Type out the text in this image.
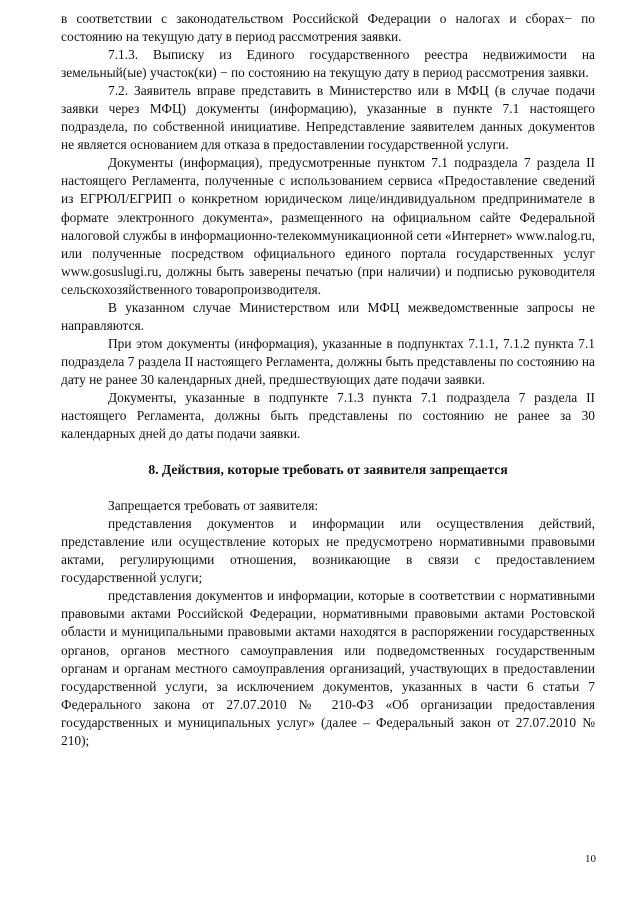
в соответствии с законодательством Российской Федерации о налогах и сборах− по состоянию на текущую дату в период рассмотрения заявки.

7.1.3. Выписку из Единого государственного реестра недвижимости на земельный(ые) участок(ки) − по состоянию на текущую дату в период рассмотрения заявки.

7.2. Заявитель вправе представить в Министерство или в МФЦ (в случае подачи заявки через МФЦ) документы (информацию), указанные в пункте 7.1 настоящего подраздела, по собственной инициативе. Непредставление заявителем данных документов не является основанием для отказа в предоставлении государственной услуги.

Документы (информация), предусмотренные пунктом 7.1 подраздела 7 раздела II настоящего Регламента, полученные с использованием сервиса «Предоставление сведений из ЕГРЮЛ/ЕГРИП о конкретном юридическом лице/индивидуальном предпринимателе в формате электронного документа», размещенного на официальном сайте Федеральной налоговой службы в информационно-телекоммуникационной сети «Интернет» www.nalog.ru, или полученные посредством официального единого портала государственных услуг www.gosuslugi.ru, должны быть заверены печатью (при наличии) и подписью руководителя сельскохозяйственного товаропроизводителя.

В указанном случае Министерством или МФЦ межведомственные запросы не направляются.

При этом документы (информация), указанные в подпунктах 7.1.1, 7.1.2 пункта 7.1 подраздела 7 раздела II настоящего Регламента, должны быть представлены по состоянию на дату не ранее 30 календарных дней, предшествующих дате подачи заявки.

Документы, указанные в подпункте 7.1.3 пункта 7.1 подраздела 7 раздела II настоящего Регламента, должны быть представлены по состоянию не ранее за 30 календарных дней до даты подачи заявки.

8. Действия, которые требовать от заявителя запрещается

Запрещается требовать от заявителя:

представления документов и информации или осуществления действий, представление или осуществление которых не предусмотрено нормативными правовыми актами, регулирующими отношения, возникающие в связи с предоставлением государственной услуги;

представления документов и информации, которые в соответствии с нормативными правовыми актами Российской Федерации, нормативными правовыми актами Ростовской области и муниципальными правовыми актами находятся в распоряжении государственных органов, органов местного самоуправления или подведомственных государственным органам и органам местного самоуправления организаций, участвующих в предоставлении государственной услуги, за исключением документов, указанных в части 6 статьи 7 Федерального закона от 27.07.2010 № 210-ФЗ «Об организации предоставления государственных и муниципальных услуг» (далее – Федеральный закон от 27.07.2010 № 210);

10
